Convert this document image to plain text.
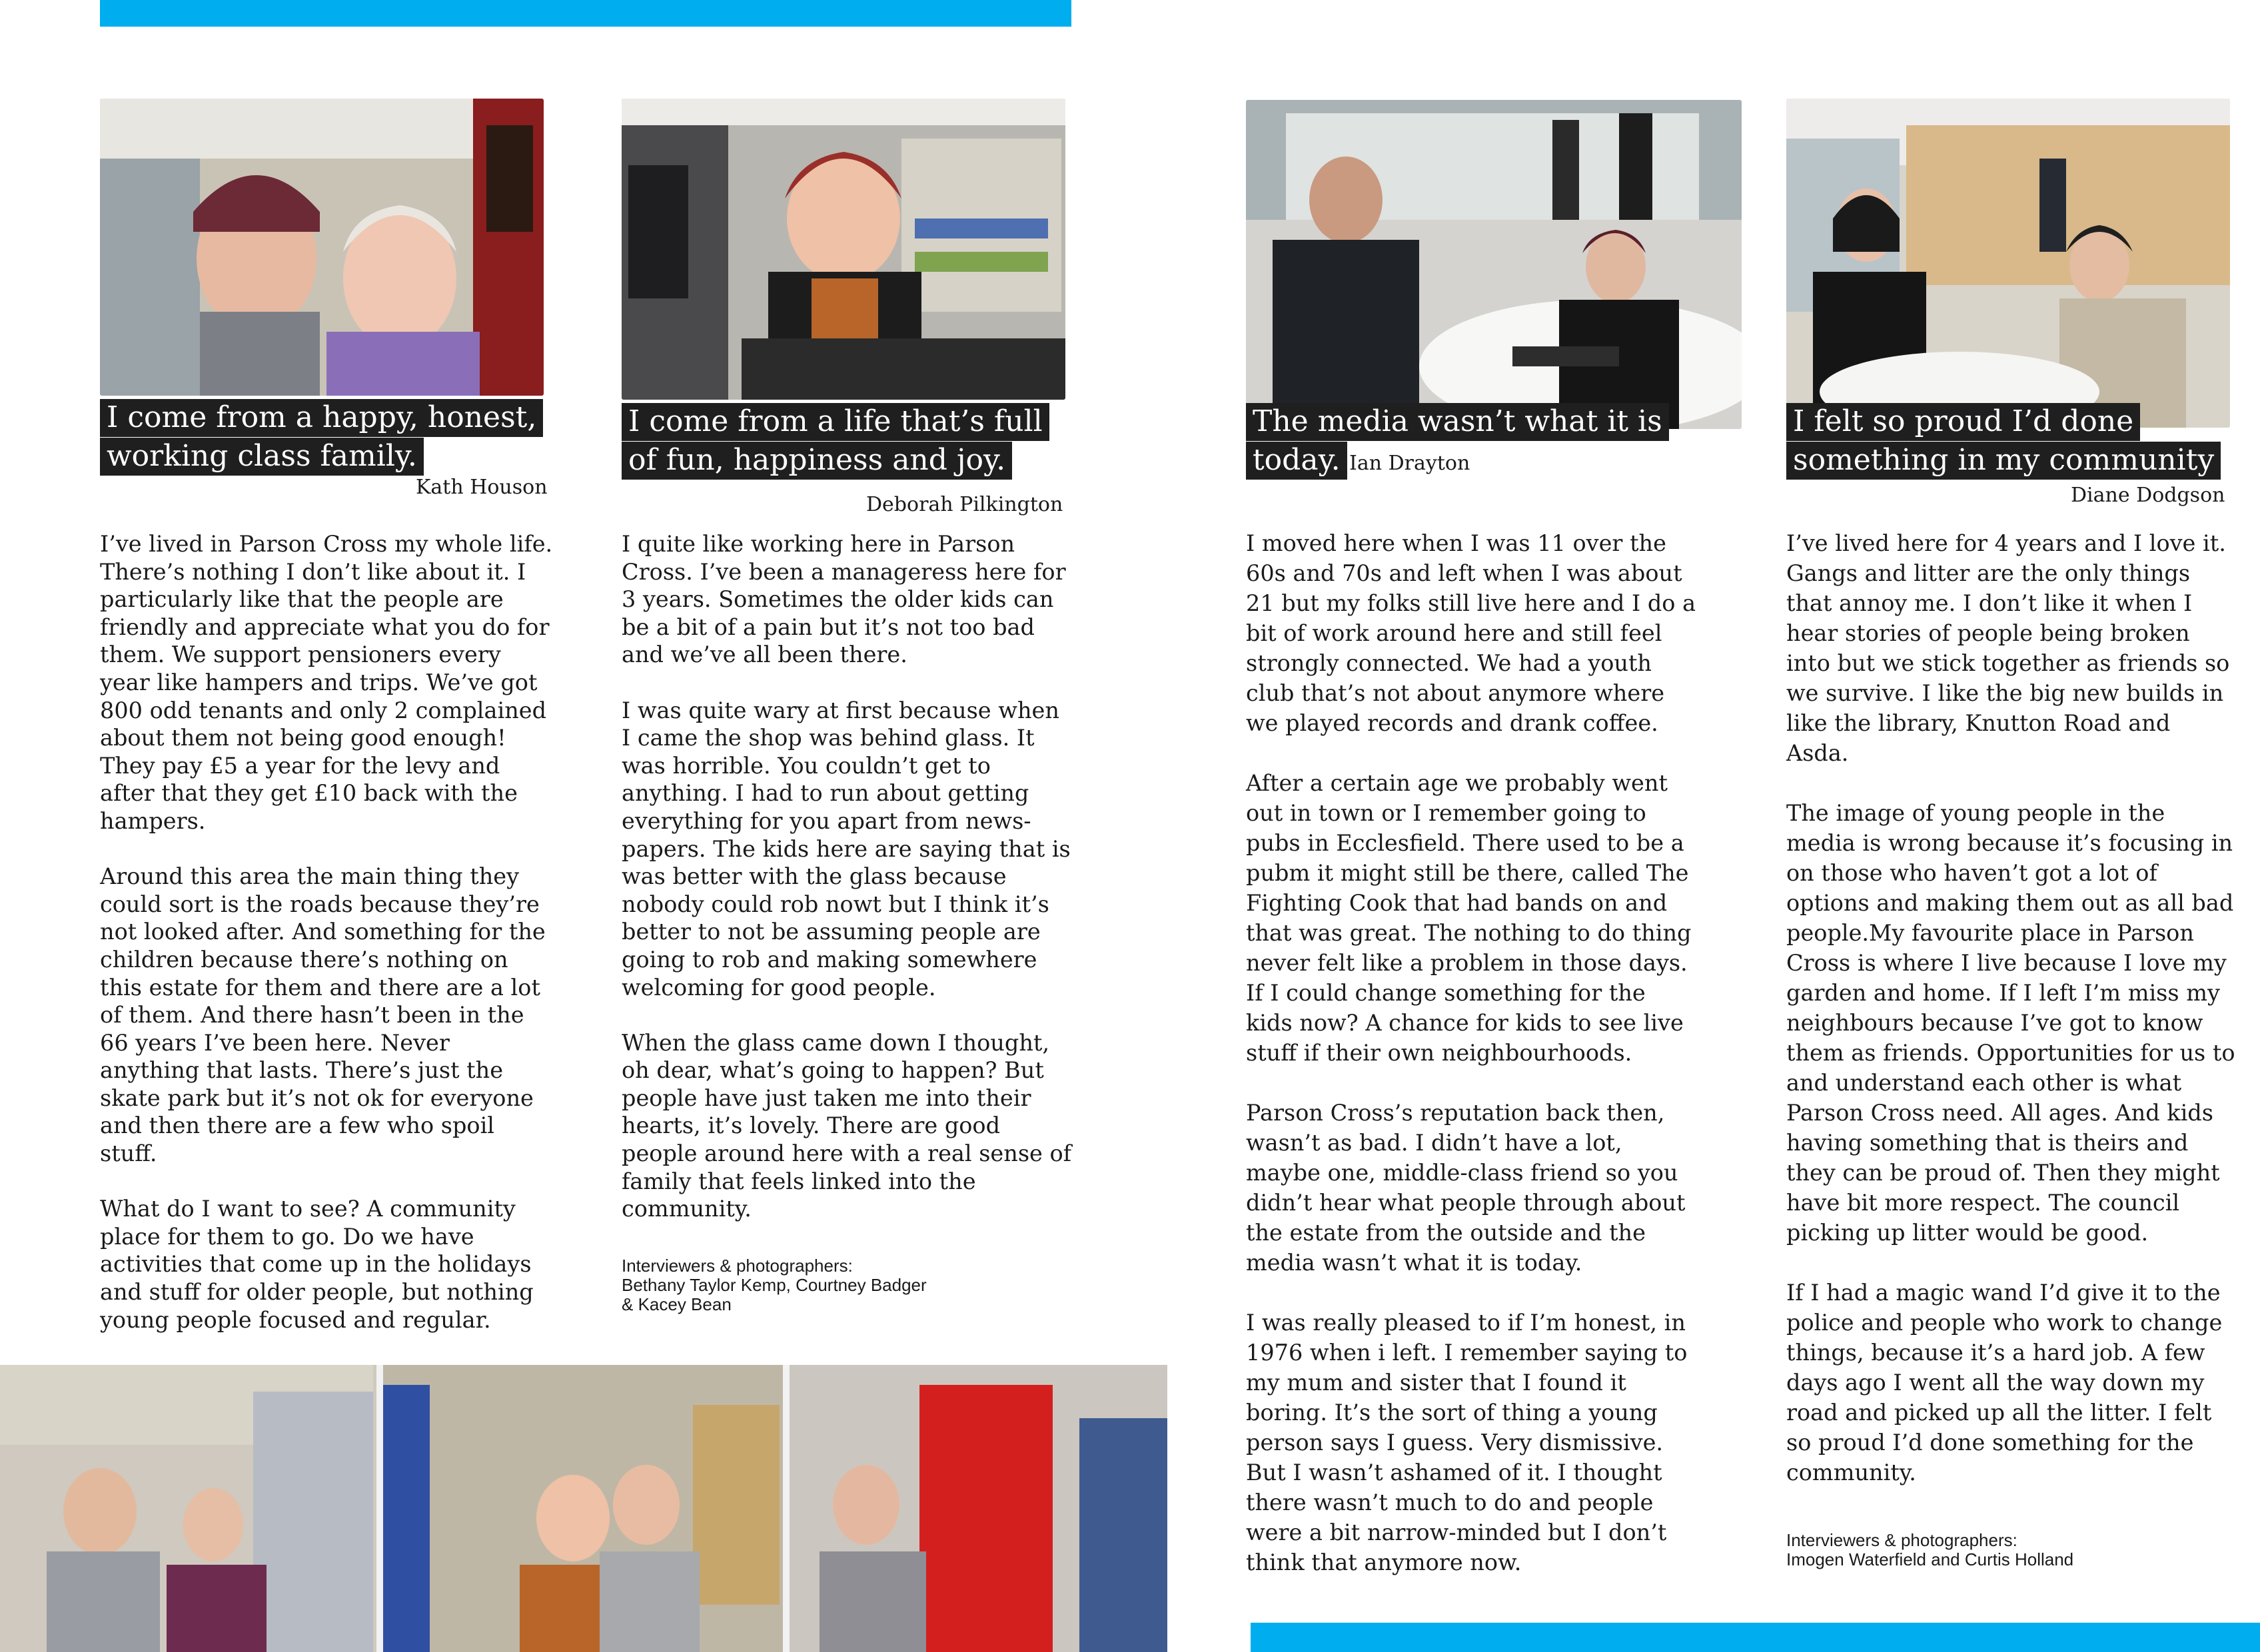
I come from a happy, honest, working class family.

Kath Houson

I’ve lived in Parson Cross my whole life. There’s nothing I don’t like about it. I particularly like that the people are friendly and appreciate what you do for them. We support pensioners every year like hampers and trips. We’ve got 800 odd tenants and only 2 complained about them not being good enough! They pay £5 a year for the levy and after that they get £10 back with the hampers.

Around this area the main thing they could sort is the roads because they’re not looked after. And something for the children because there’s nothing on this estate for them and there are a lot of them. And there hasn’t been in the 66 years I’ve been here. Never anything that lasts. There’s just the skate park but it’s not ok for everyone and then there are a few who spoil stuff.

What do I want to see? A community place for them to go. Do we have activities that come up in the holidays and stuff for older people, but nothing young people focused and regular.

I come from a life that’s full of fun, happiness and joy.

Deborah Pilkington

I quite like working here in Parson Cross. I’ve been a manageress here for 3 years. Sometimes the older kids can be a bit of a pain but it’s not too bad and we’ve all been there.

I was quite wary at first because when I came the shop was behind glass. It was horrible. You couldn’t get to anything. I had to run about getting everything for you apart from news-papers. The kids here are saying that is was better with the glass because nobody could rob nowt but I think it’s better to not be assuming people are going to rob and making somewhere welcoming for good people.

When the glass came down I thought, oh dear, what’s going to happen? But people have just taken me into their hearts, it’s lovely. There are good people around here with a real sense of family that feels linked into the community.

Interviewers & photographers:
Bethany Taylor Kemp, Courtney Badger
& Kacey Bean

The media wasn’t what it is today. Ian Drayton

I moved here when I was 11 over the 60s and 70s and left when I was about 21 but my folks still live here and I do a bit of work around here and still feel strongly connected. We had a youth club that’s not about anymore where we played records and drank coffee.

After a certain age we probably went out in town or I remember going to pubs in Ecclesfield. There used to be a pubm it might still be there, called The Fighting Cook that had bands on and that was great. The nothing to do thing never felt like a problem in those days. If I could change something for the kids now? A chance for kids to see live stuff if their own neighbourhoods.

Parson Cross’s reputation back then, wasn’t as bad. I didn’t have a lot, maybe one, middle-class friend so you didn’t hear what people through about the estate from the outside and the media wasn’t what it is today.

I was really pleased to if I’m honest, in 1976 when i left. I remember saying to my mum and sister that I found it boring. It’s the sort of thing a young person says I guess. Very dismissive. But I wasn’t ashamed of it. I thought there wasn’t much to do and people were a bit narrow-minded but I don’t think that anymore now.

I felt so proud I’d done something in my community

Diane Dodgson

I’ve lived here for 4 years and I love it. Gangs and litter are the only things that annoy me. I don’t like it when I hear stories of people being broken into but we stick together as friends so we survive. I like the big new builds in like the library, Knutton Road and Asda.

The image of young people in the media is wrong because it’s focusing in on those who haven’t got a lot of options and making them out as all bad people.My favourite place in Parson Cross is where I live because I love my garden and home. If I left I’m miss my neighbours because I’ve got to know them as friends. Opportunities for us to and understand each other is what Parson Cross need. All ages. And kids having something that is theirs and they can be proud of. Then they might have bit more respect. The council picking up litter would be good.

If I had a magic wand I’d give it to the police and people who work to change things, because it’s a hard job. A few days ago I went all the way down my road and picked up all the litter. I felt so proud I’d done something for the community.

Interviewers & photographers:
Imogen Waterfield and Curtis Holland
